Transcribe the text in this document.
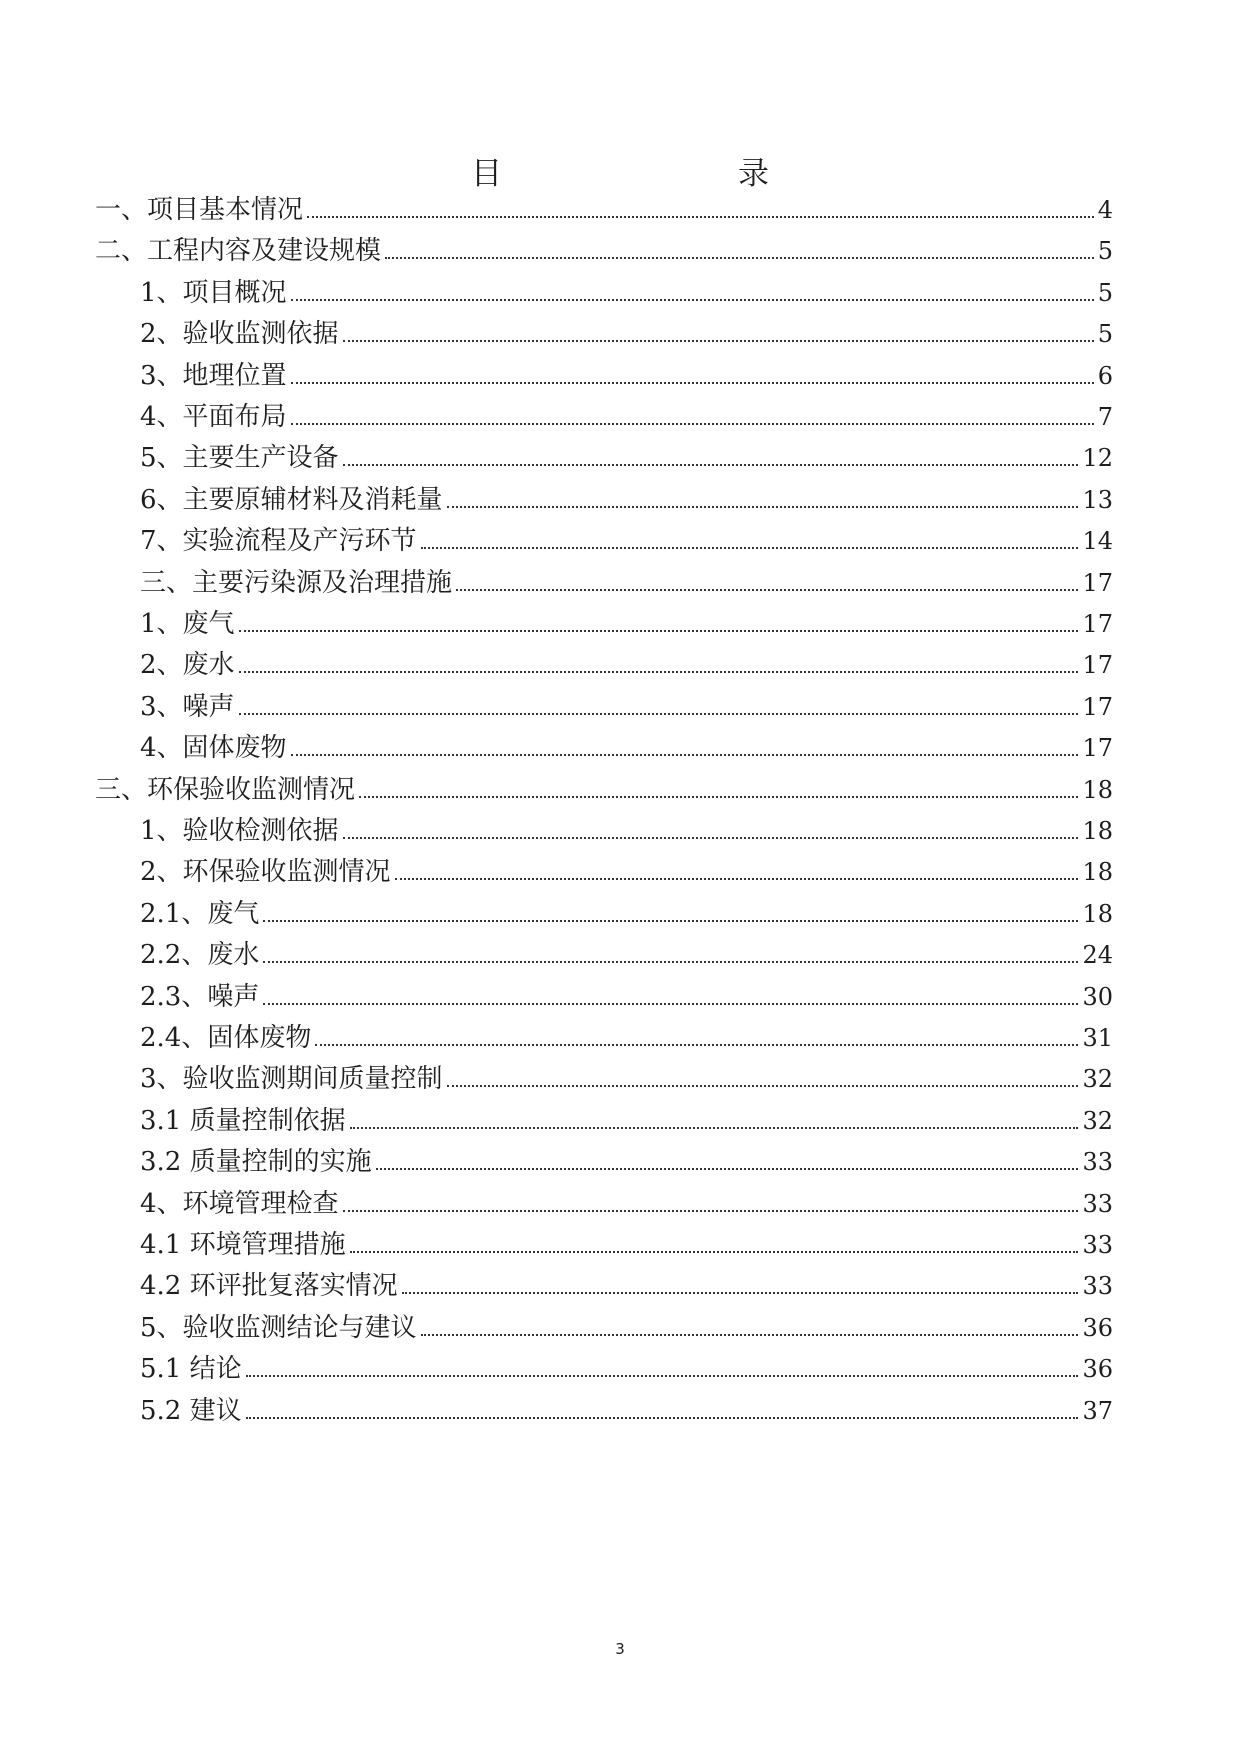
目　　录
一、项目基本情况	4
二、工程内容及建设规模	5
1、项目概况	5
2、验收监测依据	5
3、地理位置	6
4、平面布局	7
5、主要生产设备	12
6、主要原辅材料及消耗量	13
7、实验流程及产污环节	14
三、主要污染源及治理措施	17
1、废气	17
2、废水	17
3、噪声	17
4、固体废物	17
三、环保验收监测情况	18
1、验收检测依据	18
2、环保验收监测情况	18
2.1、废气	18
2.2、废水	24
2.3、噪声	30
2.4、固体废物	31
3、验收监测期间质量控制	32
3.1 质量控制依据	32
3.2 质量控制的实施	33
4、环境管理检查	33
4.1 环境管理措施	33
4.2 环评批复落实情况	33
5、验收监测结论与建议	36
5.1 结论	36
5.2 建议	37
3
